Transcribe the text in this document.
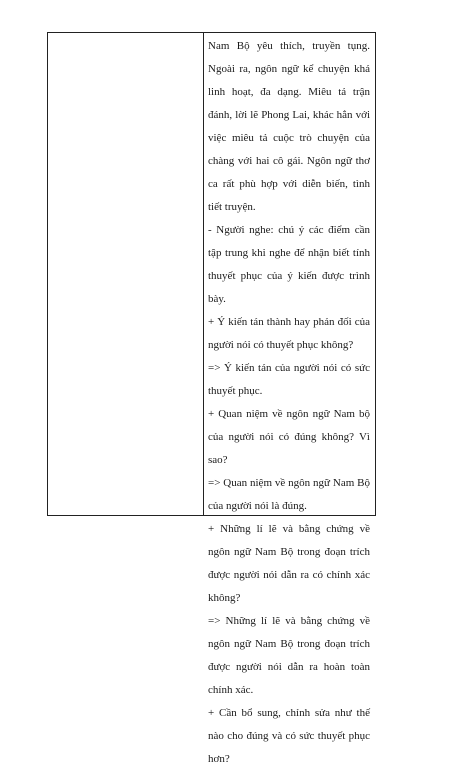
Nam Bộ yêu thích, truyền tụng. Ngoài ra, ngôn ngữ kể chuyện khá linh hoạt, đa dạng. Miêu tả trận đánh, lời lẽ Phong Lai, khác hẳn với việc miêu tả cuộc trò chuyện của chàng với hai cô gái. Ngôn ngữ thơ ca rất phù hợp với diễn biến, tình tiết truyện.

- Người nghe: chú ý các điểm cần tập trung khi nghe để nhận biết tính thuyết phục của ý kiến được trình bày.

+ Ý kiến tán thành hay phản đối của người nói có thuyết phục không?

=> Ý kiến tán của người nói có sức thuyết phục.

+ Quan niệm về ngôn ngữ Nam bộ của người nói có đúng không? Vì sao?

=> Quan niệm về ngôn ngữ Nam Bộ của người nói là đúng.

+ Những lí lẽ và bằng chứng về ngôn ngữ Nam Bộ trong đoạn trích được người nói dẫn ra có chính xác không?

=> Những lí lẽ và bằng chứng về ngôn ngữ Nam Bộ trong đoạn trích được người nói dẫn ra hoàn toàn chính xác.

+ Cần bổ sung, chỉnh sửa như thế nào cho đúng và có sức thuyết phục hơn?
